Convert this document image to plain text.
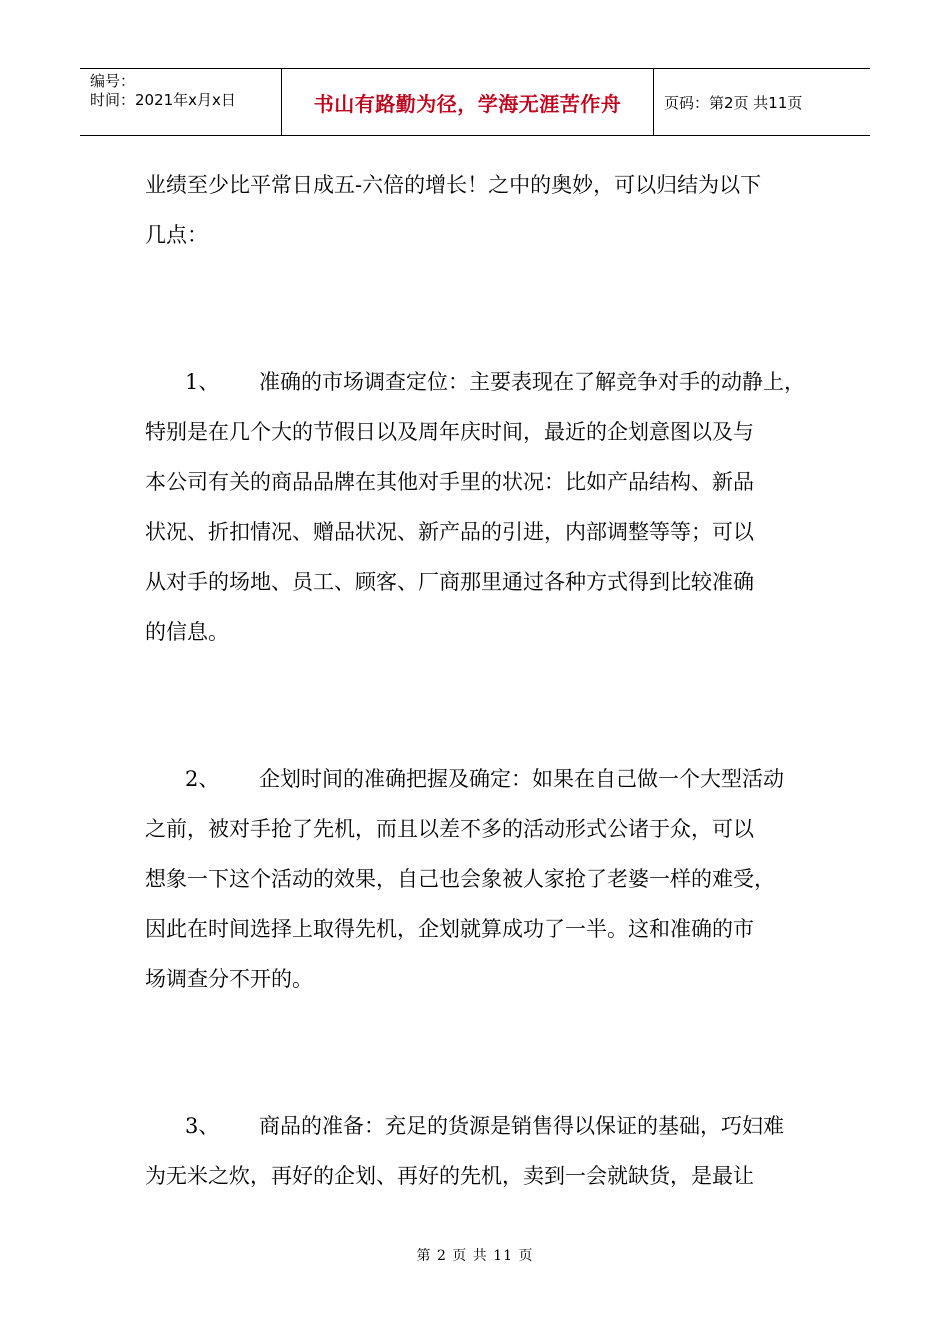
编号：
时间：2021年x月x日	书山有路勤为径，学海无涯苦作舟	页码：第2页 共11页

业绩至少比平常日成五-六倍的增长！之中的奥妙，可以归结为以下
几点：

1、 准确的市场调查定位：主要表现在了解竞争对手的动静上，
特别是在几个大的节假日以及周年庆时间，最近的企划意图以及与
本公司有关的商品品牌在其他对手里的状况：比如产品结构、新品
状况、折扣情况、赠品状况、新产品的引进，内部调整等等；可以
从对手的场地、员工、顾客、厂商那里通过各种方式得到比较准确
的信息。

2、 企划时间的准确把握及确定：如果在自己做一个大型活动
之前，被对手抢了先机，而且以差不多的活动形式公诸于众，可以
想象一下这个活动的效果，自己也会象被人家抢了老婆一样的难受，
因此在时间选择上取得先机，企划就算成功了一半。这和准确的市
场调查分不开的。

3、 商品的准备：充足的货源是销售得以保证的基础，巧妇难
为无米之炊，再好的企划、再好的先机，卖到一会就缺货，是最让

第 2 页 共 11 页
